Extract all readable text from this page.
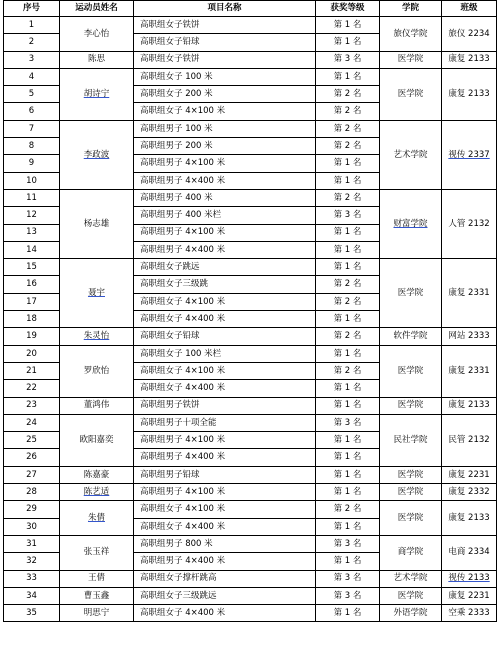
序号	运动员姓名	项目名称	获奖等级	学院	班级
1	李心怡	高职组女子铁饼	第 1 名	旅仪学院	旅仪 2234
2		高职组女子铅球	第 1 名		
3	陈思	高职组女子铁饼	第 3 名	医学院	康复 2133
4	胡诗宁	高职组女子 100 米	第 1 名	医学院	康复 2133
5		高职组女子 200 米	第 2 名		
6		高职组女子 4×100 米	第 2 名		
7	李政波	高职组男子 100 米	第 2 名	艺术学院	视传 2337
8		高职组男子 200 米	第 2 名		
9		高职组男子 4×100 米	第 1 名		
10		高职组男子 4×400 米	第 1 名		
11	杨志雄	高职组男子 400 米	第 2 名	财富学院	人管 2132
12		高职组男子 400 米栏	第 3 名		
13		高职组男子 4×100 米	第 1 名		
14		高职组男子 4×400 米	第 1 名		
15	聂宇	高职组女子跳远	第 1 名	医学院	康复 2331
16		高职组女子三级跳	第 2 名		
17		高职组女子 4×100 米	第 2 名		
18		高职组女子 4×400 米	第 1 名		
19	朱灵怡	高职组女子铅球	第 2 名	软件学院	网站 2333
20	罗欣怡	高职组女子 100 米栏	第 1 名	医学院	康复 2331
21		高职组女子 4×100 米	第 2 名		
22		高职组女子 4×400 米	第 1 名		
23	董鸿伟	高职组男子铁饼	第 1 名	医学院	康复 2133
24	欧阳嘉奕	高职组男子十项全能	第 3 名	民社学院	民管 2132
25		高职组男子 4×100 米	第 1 名		
26		高职组男子 4×400 米	第 1 名		
27	陈嘉豪	高职组男子铅球	第 1 名	医学院	康复 2231
28	陈艺适	高职组男子 4×100 米	第 1 名	医学院	康复 2332
29	朱倩	高职组女子 4×100 米	第 2 名	医学院	康复 2133
30		高职组女子 4×400 米	第 1 名		
31	张玉祥	高职组男子 800 米	第 3 名	商学院	电商 2334
32		高职组男子 4×400 米	第 1 名		
33	王倩	高职组女子撑杆跳高	第 3 名	艺术学院	视传 2133
34	曹玉鑫	高职组女子三级跳远	第 3 名	医学院	康复 2231
35	明思宁	高职组女子 4×400 米	第 1 名	外语学院	空乘 2333
